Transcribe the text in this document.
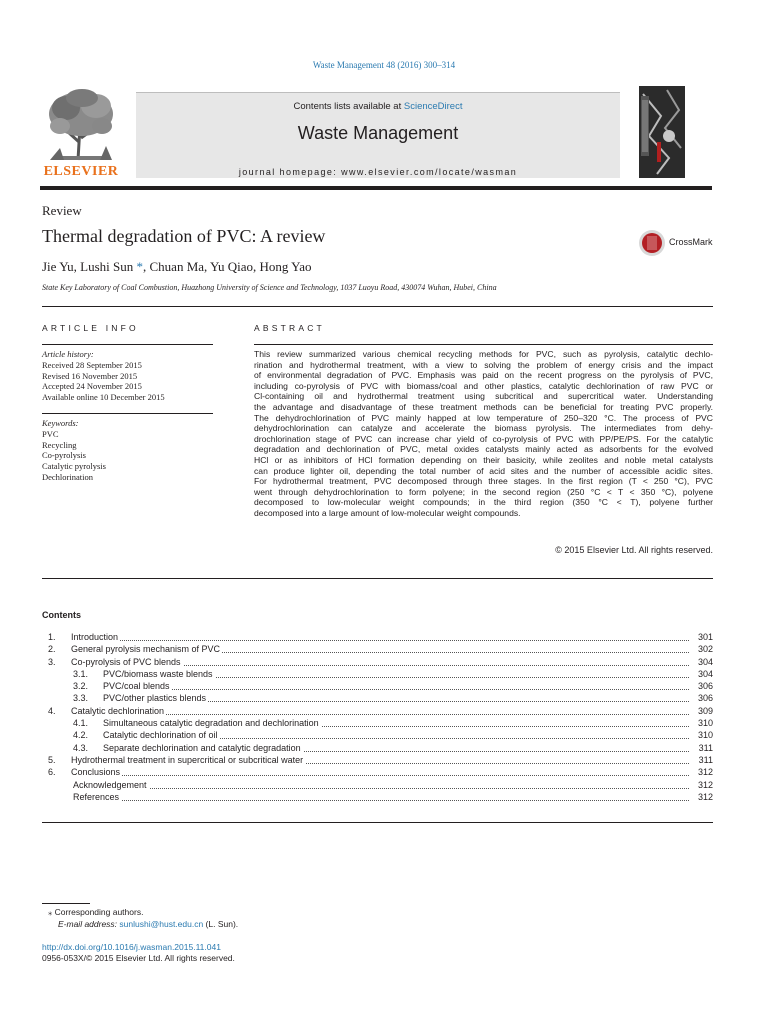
Waste Management 48 (2016) 300–314
ELSEVIER
Contents lists available at ScienceDirect
Waste Management
journal homepage: www.elsevier.com/locate/wasman
Review
Thermal degradation of PVC: A review	CrossMark
Jie Yu, Lushi Sun *, Chuan Ma, Yu Qiao, Hong Yao
State Key Laboratory of Coal Combustion, Huazhong University of Science and Technology, 1037 Luoyu Road, 430074 Wuhan, Hubei, China
ARTICLE INFO	ABSTRACT
Article history:
Received 28 September 2015
Revised 16 November 2015
Accepted 24 November 2015
Available online 10 December 2015
Keywords:
PVC
Recycling
Co-pyrolysis
Catalytic pyrolysis
Dechlorination
This review summarized various chemical recycling methods for PVC, such as pyrolysis, catalytic dechlo-
rination and hydrothermal treatment, with a view to solving the problem of energy crisis and the impact
of environmental degradation of PVC. Emphasis was paid on the recent progress on the pyrolysis of PVC,
including co-pyrolysis of PVC with biomass/coal and other plastics, catalytic dechlorination of raw PVC or
Cl-containing oil and hydrothermal treatment using subcritical and supercritical water. Understanding
the advantage and disadvantage of these treatment methods can be beneficial for treating PVC properly.
The dehydrochlorination of PVC mainly happed at low temperature of 250–320 °C. The process of PVC
dehydrochlorination can catalyze and accelerate the biomass pyrolysis. The intermediates from dehy-
drochlorination stage of PVC can increase char yield of co-pyrolysis of PVC with PP/PE/PS. For the catalytic
degradation and dechlorination of PVC, metal oxides catalysts mainly acted as adsorbents for the evolved
HCl or as inhibitors of HCl formation depending on their basicity, while zeolites and noble metal catalysts
can produce lighter oil, depending the total number of acid sites and the number of accessible acidic sites.
For hydrothermal treatment, PVC decomposed through three stages. In the first region (T < 250 °C), PVC
went through dehydrochlorination to form polyene; in the second region (250 °C < T < 350 °C), polyene
decomposed to low-molecular weight compounds; in the third region (350 °C < T), polyene further
decomposed into a large amount of low-molecular weight compounds.
© 2015 Elsevier Ltd. All rights reserved.
Contents
1. Introduction	301
2. General pyrolysis mechanism of PVC	302
3. Co-pyrolysis of PVC blends	304
3.1. PVC/biomass waste blends	304
3.2. PVC/coal blends	306
3.3. PVC/other plastics blends	306
4. Catalytic dechlorination	309
4.1. Simultaneous catalytic degradation and dechlorination	310
4.2. Catalytic dechlorination of oil	310
4.3. Separate dechlorination and catalytic degradation	311
5. Hydrothermal treatment in supercritical or subcritical water	311
6. Conclusions	312
Acknowledgement	312
References	312
⁎ Corresponding authors.
E-mail address: sunlushi@hust.edu.cn (L. Sun).
http://dx.doi.org/10.1016/j.wasman.2015.11.041
0956-053X/© 2015 Elsevier Ltd. All rights reserved.
